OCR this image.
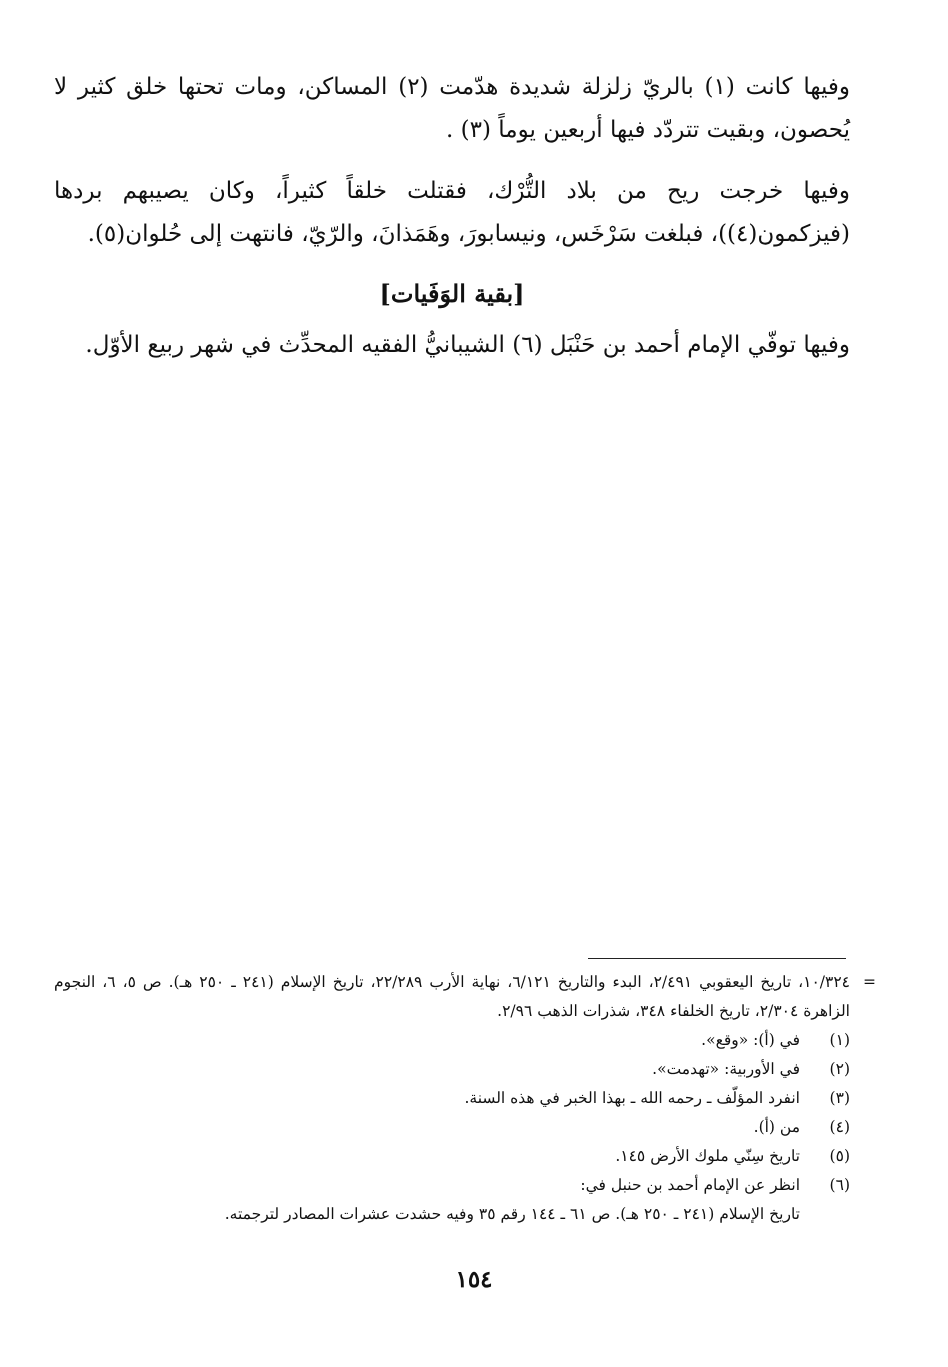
وفيها كانت (١) بالريّ زلزلة شديدة هدّمت (٢) المساكن، ومات تحتها خلق كثير لا يُحصون، وبقيت تتردّد فيها أربعين يوماً (٣) .

وفيها خرجت ريح من بلاد التُّرْك، فقتلت خلقاً كثيراً، وكان يصيبهم بردها (فيزكمون(٤))، فبلغت سَرْخَس، ونيسابورَ، وهَمَذانَ، والرّيّ، فانتهت إلى حُلوان(٥).

[بقية الوَفَيات]

وفيها توفّي الإمام أحمد بن حَنْبَل (٦) الشيبانيُّ الفقيه المحدِّث في شهر ربيع الأوّل.

=
١٠/٣٢٤، تاريخ اليعقوبي ٢/٤٩١، البدء والتاريخ ٦/١٢١، نهاية الأرب ٢٢/٢٨٩، تاريخ الإسلام (٢٤١ ـ ٢٥٠ هـ). ص ٥، ٦، النجوم الزاهرة ٢/٣٠٤، تاريخ الخلفاء ٣٤٨، شذرات الذهب ٢/٩٦.
(١)
في (أ): «وقع».
(٢)
في الأوربية: «تهدمت».
(٣)
انفرد المؤلّف ـ رحمه الله ـ بهذا الخبر في هذه السنة.
(٤)
من (أ).
(٥)
تاريخ سِنّي ملوك الأرض ١٤٥.
(٦)
انظر عن الإمام أحمد بن حنبل في:
تاريخ الإسلام (٢٤١ ـ ٢٥٠ هـ). ص ٦١ ـ ١٤٤ رقم ٣٥ وفيه حشدت عشرات المصادر لترجمته.
١٥٤
